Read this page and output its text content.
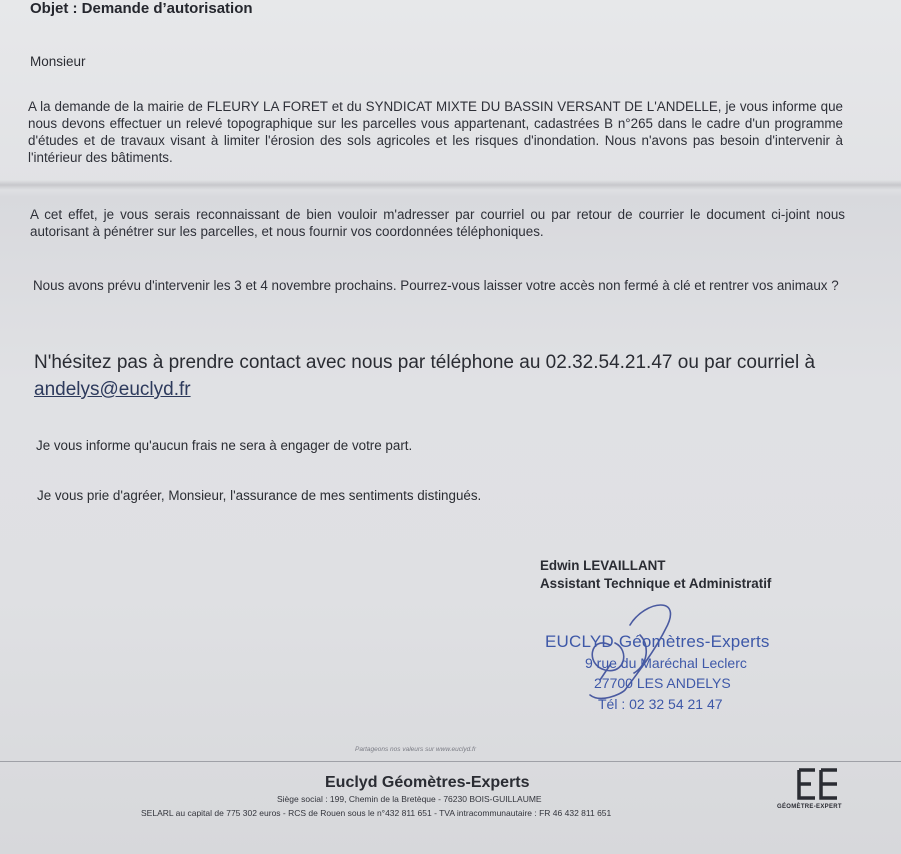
Objet : Demande d’autorisation
Monsieur
A la demande de la mairie de FLEURY LA FORET et du SYNDICAT MIXTE DU BASSIN VERSANT DE L'ANDELLE, je vous informe que nous devons effectuer un relevé topographique sur les parcelles vous appartenant, cadastrées B n°265 dans le cadre d'un programme d'études et de travaux visant à limiter l'érosion des sols agricoles et les risques d'inondation. Nous n'avons pas besoin d'intervenir à l'intérieur des bâtiments.
A cet effet, je vous serais reconnaissant de bien vouloir m'adresser par courriel ou par retour de courrier le document ci-joint nous autorisant à pénétrer sur les parcelles, et nous fournir vos coordonnées téléphoniques.
Nous avons prévu d'intervenir les 3 et 4 novembre prochains. Pourrez-vous laisser votre accès non fermé à clé et rentrer vos animaux ?
N'hésitez pas à prendre contact avec nous par téléphone au 02.32.54.21.47 ou par courriel à andelys@euclyd.fr
Je vous informe qu'aucun frais ne sera à engager de votre part.
Je vous prie d'agréer, Monsieur, l'assurance de mes sentiments distingués.
Edwin LEVAILLANT
Assistant Technique et Administratif
EUCLYD Géomètres-Experts
9 rue du Maréchal Leclerc
27700 LES ANDELYS
Tél : 02 32 54 21 47
Partageons nos valeurs sur www.euclyd.fr
Euclyd Géomètres-Experts
Siège social : 199, Chemin de la Bretèque - 76230 BOIS-GUILLAUME
SELARL au capital de 775 302 euros - RCS de Rouen sous le n°432 811 651 - TVA intracommunautaire : FR 46 432 811 651
GÉOMÈTRE-EXPERT
